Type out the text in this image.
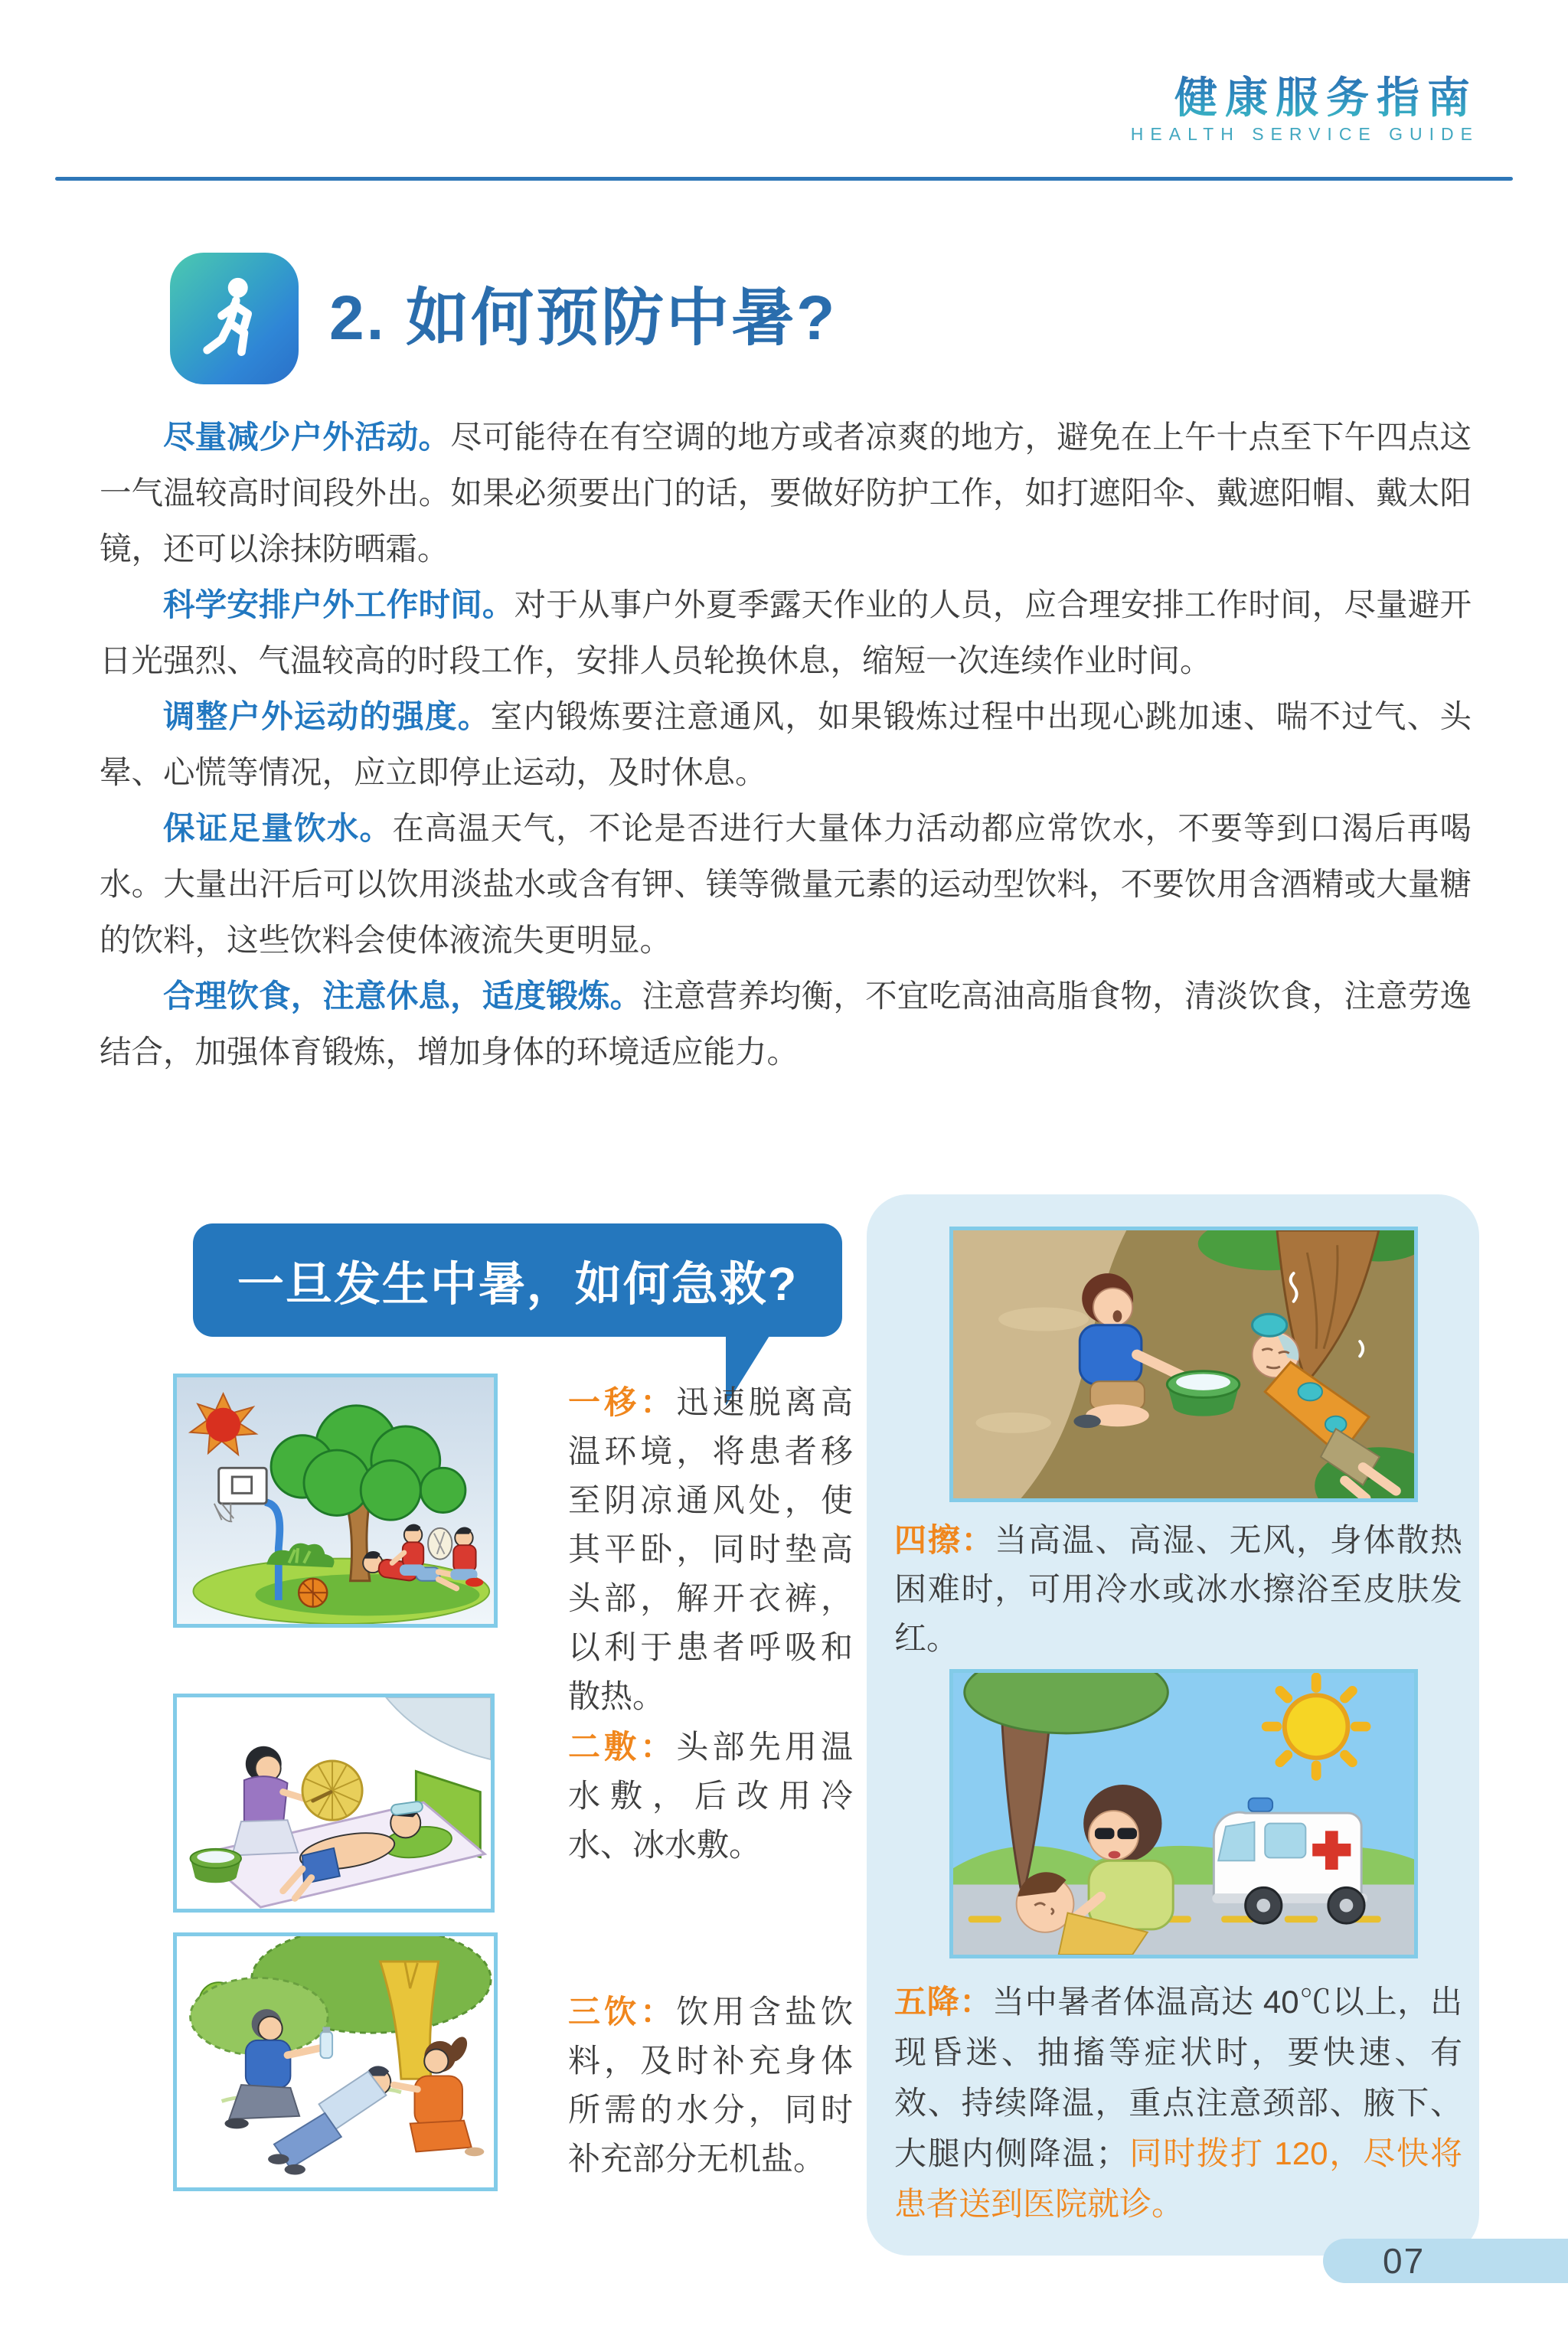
健康服务指南
HEALTH SERVICE GUIDE
2. 如何预防中暑?

尽量减少户外活动。尽可能待在有空调的地方或者凉爽的地方，避免在上午十点至下午四点这一气温较高时间段外出。如果必须要出门的话，要做好防护工作，如打遮阳伞、戴遮阳帽、戴太阳镜，还可以涂抹防晒霜。

科学安排户外工作时间。对于从事户外夏季露天作业的人员，应合理安排工作时间，尽量避开日光强烈、气温较高的时段工作，安排人员轮换休息，缩短一次连续作业时间。

调整户外运动的强度。室内锻炼要注意通风，如果锻炼过程中出现心跳加速、喘不过气、头晕、心慌等情况，应立即停止运动，及时休息。

保证足量饮水。在高温天气，不论是否进行大量体力活动都应常饮水，不要等到口渴后再喝水。大量出汗后可以饮用淡盐水或含有钾、镁等微量元素的运动型饮料，不要饮用含酒精或大量糖的饮料，这些饮料会使体液流失更明显。

合理饮食，注意休息，适度锻炼。注意营养均衡，不宜吃高油高脂食物，清淡饮食，注意劳逸结合，加强体育锻炼，增加身体的环境适应能力。

一旦发生中暑，如何急救?
一移：迅速脱离高温环境，将患者移至阴凉通风处，使其平卧，同时垫高头部，解开衣裤，以利于患者呼吸和散热。
二敷：头部先用温水敷，后改用冷水、冰水敷。
三饮：饮用含盐饮料，及时补充身体所需的水分，同时补充部分无机盐。
四擦：当高温、高湿、无风，身体散热困难时，可用冷水或冰水擦浴至皮肤发红。
五降：当中暑者体温高达 40℃以上，出现昏迷、抽搐等症状时，要快速、有效、持续降温，重点注意颈部、腋下、大腿内侧降温；同时拨打 120，尽快将患者送到医院就诊。
07
